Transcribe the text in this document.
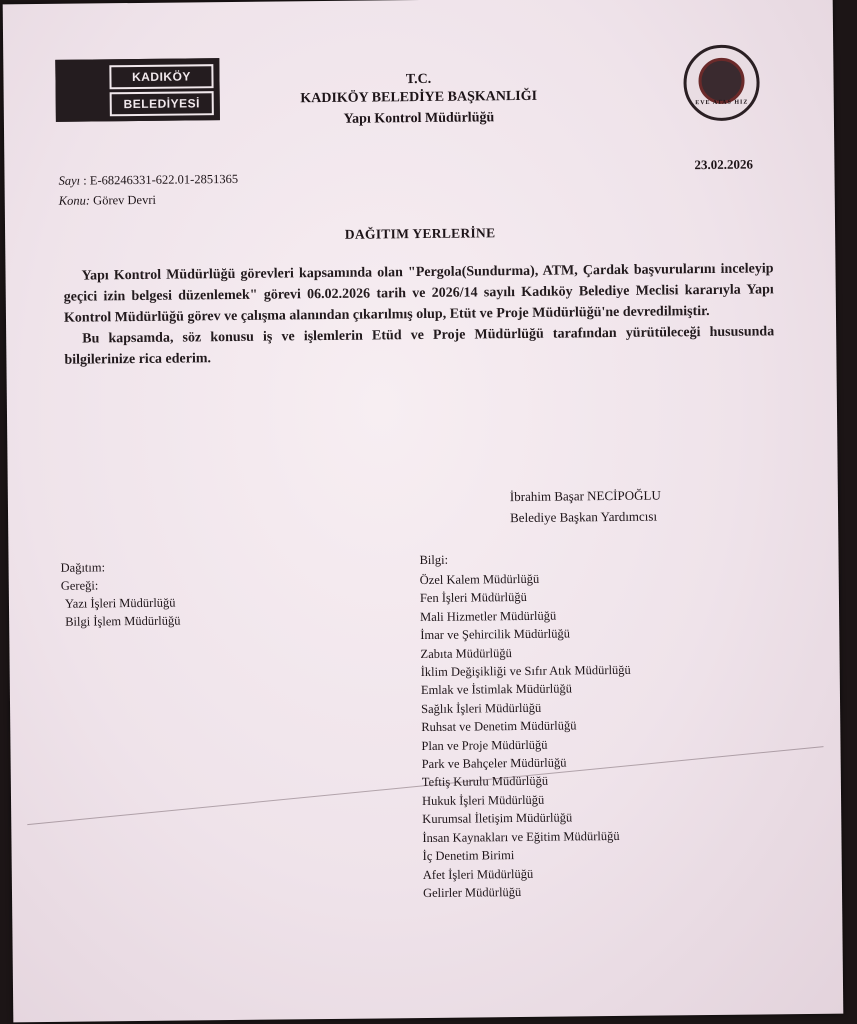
KADIKÖY
BELEDİYESİ
T.C.
KADIKÖY BELEDİYE BAŞKANLIĞI
Yapı Kontrol Müdürlüğü
EVE ATAS HIZ
23.02.2026
Sayı : E-68246331-622.01-2851365
Konu: Görev Devri
DAĞITIM YERLERİNE

Yapı Kontrol Müdürlüğü görevleri kapsamında olan "Pergola(Sundurma), ATM, Çardak başvurularını inceleyip geçici izin belgesi düzenlemek" görevi 06.02.2026 tarih ve 2026/14 sayılı Kadıköy Belediye Meclisi kararıyla Yapı Kontrol Müdürlüğü görev ve çalışma alanından çıkarılmış olup, Etüt ve Proje Müdürlüğü'ne devredilmiştir.

Bu kapsamda, söz konusu iş ve işlemlerin Etüd ve Proje Müdürlüğü tarafından yürütüleceği hususunda bilgilerinize rica ederim.

İbrahim Başar NECİPOĞLU
Belediye Başkan Yardımcısı
Dağıtım:
Gereği:
Yazı İşleri Müdürlüğü
Bilgi İşlem Müdürlüğü
Bilgi:
Özel Kalem Müdürlüğü
Fen İşleri Müdürlüğü
Mali Hizmetler Müdürlüğü
İmar ve Şehircilik Müdürlüğü
Zabıta Müdürlüğü
İklim Değişikliği ve Sıfır Atık Müdürlüğü
Emlak ve İstimlak Müdürlüğü
Sağlık İşleri Müdürlüğü
Ruhsat ve Denetim Müdürlüğü
Plan ve Proje Müdürlüğü
Park ve Bahçeler Müdürlüğü
Teftiş Kurulu Müdürlüğü
Hukuk İşleri Müdürlüğü
Kurumsal İletişim Müdürlüğü
İnsan Kaynakları ve Eğitim Müdürlüğü
İç Denetim Birimi
Afet İşleri Müdürlüğü
Gelirler Müdürlüğü
